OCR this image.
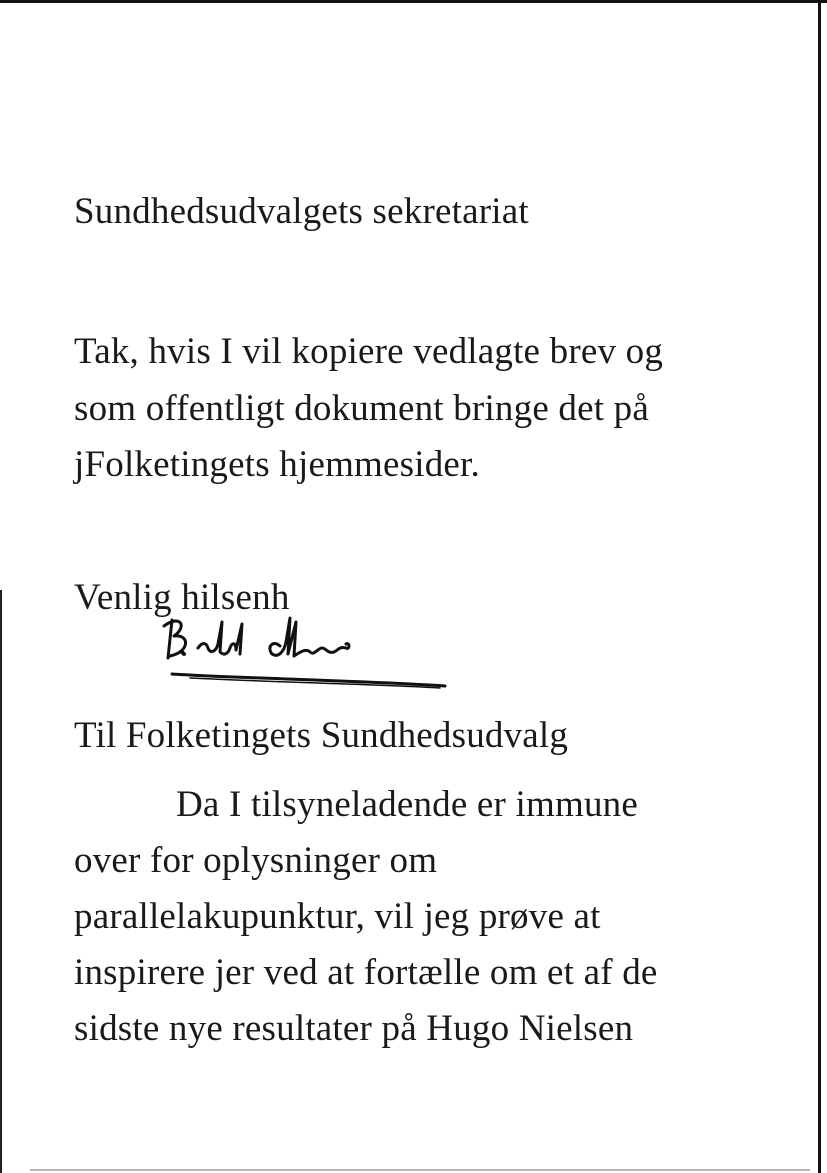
Sundhedsudvalgets sekretariat

Tak, hvis I vil kopiere vedlagte brev og

som offentligt dokument bringe det på

jFolketingets hjemmesider.

Venlig hilsenh

Til Folketingets Sundhedsudvalg

Da I tilsyneladende er immune

over for oplysninger om

parallelakupunktur, vil jeg prøve at

inspirere jer ved at fortælle om et af de

sidste nye resultater på Hugo Nielsen
